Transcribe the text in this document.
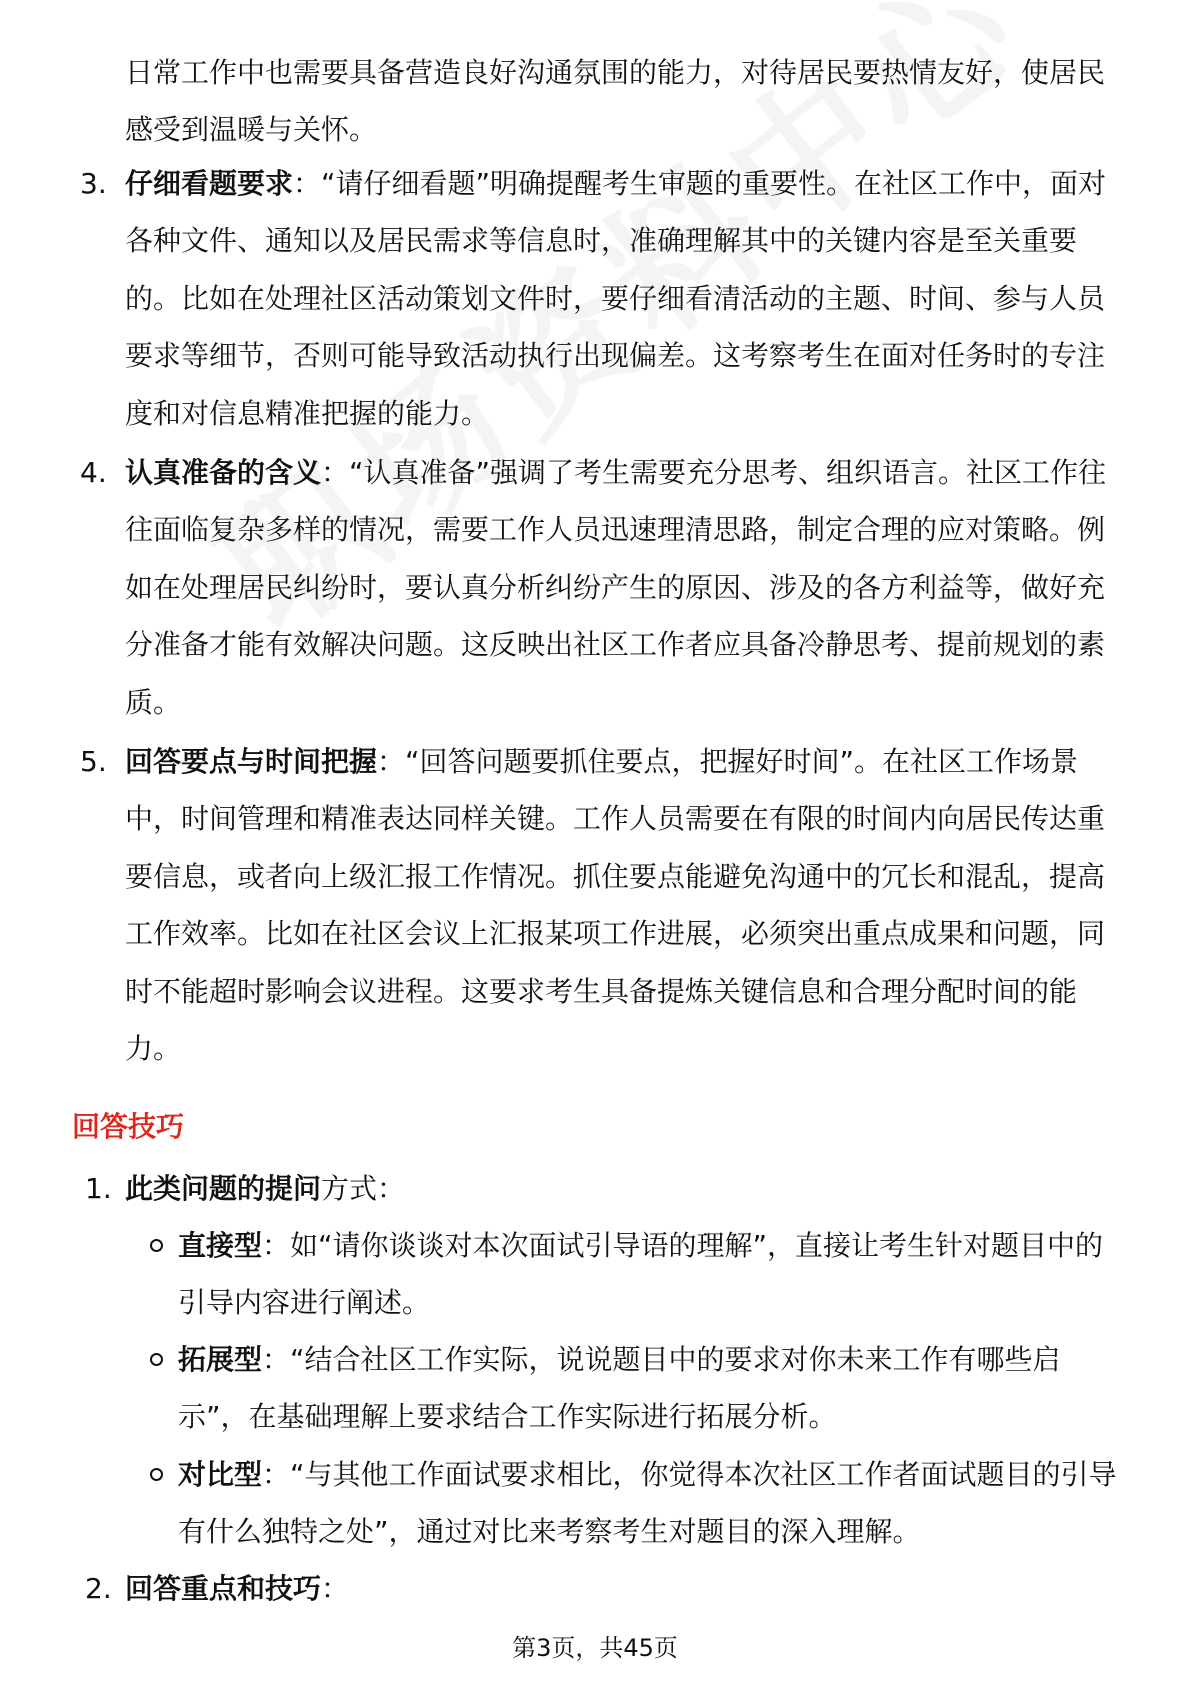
日常工作中也需要具备营造良好沟通氛围的能力，对待居民要热情友好，使居民感受到温暖与关怀。

3. 仔细看题要求：“请仔细看题”明确提醒考生审题的重要性。在社区工作中，面对各种文件、通知以及居民需求等信息时，准确理解其中的关键内容是至关重要的。比如在处理社区活动策划文件时，要仔细看清活动的主题、时间、参与人员要求等细节，否则可能导致活动执行出现偏差。这考察考生在面对任务时的专注度和对信息精准把握的能力。
4. 认真准备的含义：“认真准备”强调了考生需要充分思考、组织语言。社区工作往往面临复杂多样的情况，需要工作人员迅速理清思路，制定合理的应对策略。例如在处理居民纠纷时，要认真分析纠纷产生的原因、涉及的各方利益等，做好充分准备才能有效解决问题。这反映出社区工作者应具备冷静思考、提前规划的素质。
5. 回答要点与时间把握：“回答问题要抓住要点，把握好时间”。在社区工作场景中，时间管理和精准表达同样关键。工作人员需要在有限的时间内向居民传达重要信息，或者向上级汇报工作情况。抓住要点能避免沟通中的冗长和混乱，提高工作效率。比如在社区会议上汇报某项工作进展，必须突出重点成果和问题，同时不能超时影响会议进程。这要求考生具备提炼关键信息和合理分配时间的能力。
回答技巧
1. 此类问题的提问方式：
直接型：如“请你谈谈对本次面试引导语的理解”，直接让考生针对题目中的引导内容进行阐述。
拓展型：“结合社区工作实际，说说题目中的要求对你未来工作有哪些启示”，在基础理解上要求结合工作实际进行拓展分析。
对比型：“与其他工作面试要求相比，你觉得本次社区工作者面试题目的引导有什么独特之处”，通过对比来考察考生对题目的深入理解。
2. 回答重点和技巧：
第3页，共45页
